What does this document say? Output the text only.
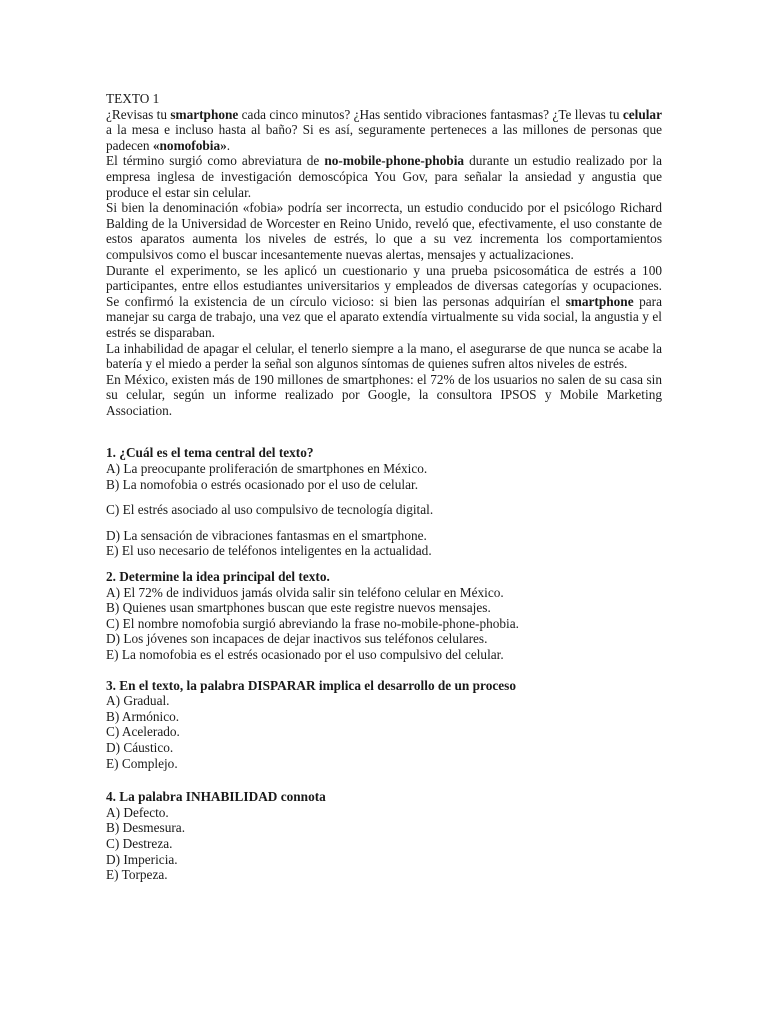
TEXTO 1

¿Revisas tu smartphone cada cinco minutos? ¿Has sentido vibraciones fantasmas? ¿Te llevas tu celular a la mesa e incluso hasta al baño? Si es así, seguramente perteneces a las millones de personas que padecen «nomofobia».

El término surgió como abreviatura de no-mobile-phone-phobia durante un estudio realizado por la empresa inglesa de investigación demoscópica You Gov, para señalar la ansiedad y angustia que produce el estar sin celular.

Si bien la denominación «fobia» podría ser incorrecta, un estudio conducido por el psicólogo Richard Balding de la Universidad de Worcester en Reino Unido, reveló que, efectivamente, el uso constante de estos aparatos aumenta los niveles de estrés, lo que a su vez incrementa los comportamientos compulsivos como el buscar incesantemente nuevas alertas, mensajes y actualizaciones.

Durante el experimento, se les aplicó un cuestionario y una prueba psicosomática de estrés a 100 participantes, entre ellos estudiantes universitarios y empleados de diversas categorías y ocupaciones. Se confirmó la existencia de un círculo vicioso: si bien las personas adquirían el smartphone para manejar su carga de trabajo, una vez que el aparato extendía virtualmente su vida social, la angustia y el estrés se disparaban.

La inhabilidad de apagar el celular, el tenerlo siempre a la mano, el asegurarse de que nunca se acabe la batería y el miedo a perder la señal son algunos síntomas de quienes sufren altos niveles de estrés.

En México, existen más de 190 millones de smartphones: el 72% de los usuarios no salen de su casa sin su celular, según un informe realizado por Google, la consultora IPSOS y Mobile Marketing Association.

1. ¿Cuál es el tema central del texto?

A) La preocupante proliferación de smartphones en México.

B) La nomofobia o estrés ocasionado por el uso de celular.

C) El estrés asociado al uso compulsivo de tecnología digital.

D) La sensación de vibraciones fantasmas en el smartphone.

E) El uso necesario de teléfonos inteligentes en la actualidad.

2. Determine la idea principal del texto.

A) El 72% de individuos jamás olvida salir sin teléfono celular en México.

B) Quienes usan smartphones buscan que este registre nuevos mensajes.

C) El nombre nomofobia surgió abreviando la frase no-mobile-phone-phobia.

D) Los jóvenes son incapaces de dejar inactivos sus teléfonos celulares.

E) La nomofobia es el estrés ocasionado por el uso compulsivo del celular.

3. En el texto, la palabra DISPARAR implica el desarrollo de un proceso

A) Gradual.

B) Armónico.

C) Acelerado.

D) Cáustico.

E) Complejo.

4. La palabra INHABILIDAD connota

A) Defecto.

B) Desmesura.

C) Destreza.

D) Impericia.

E) Torpeza.
